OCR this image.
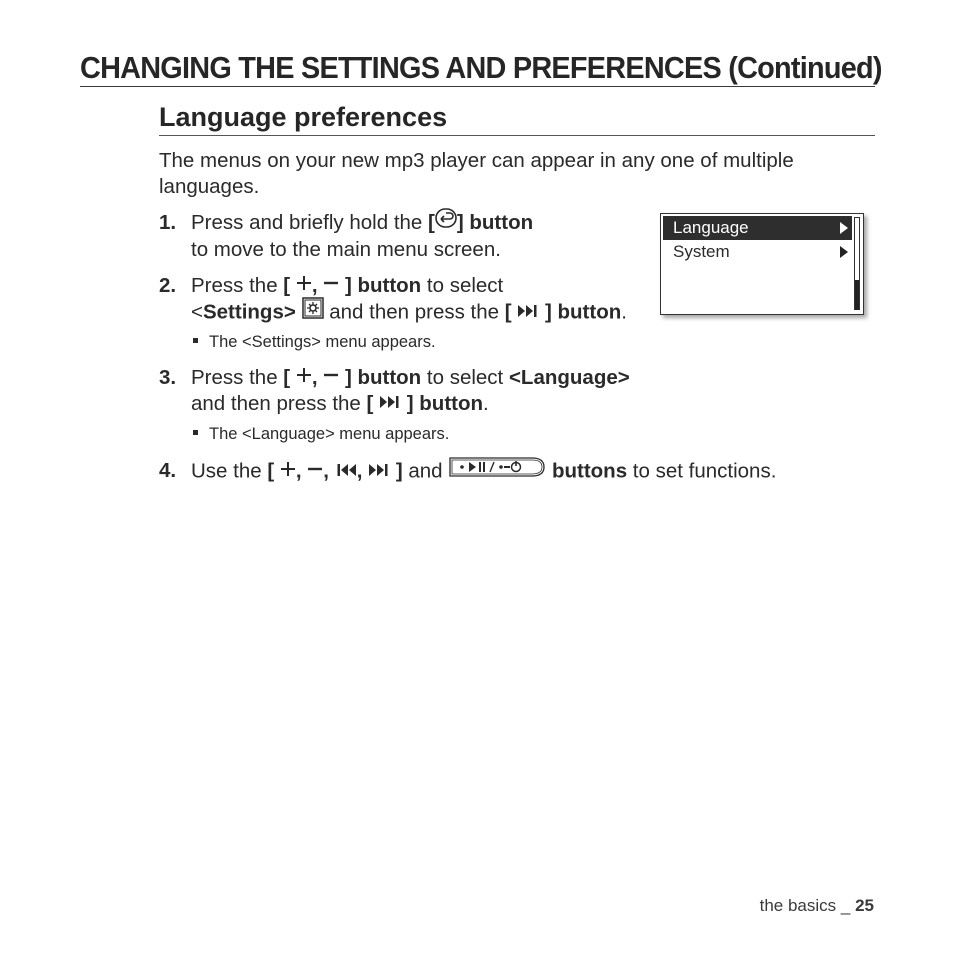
CHANGING THE SETTINGS AND PREFERENCES (Continued)
Language preferences

The menus on your new mp3 player can appear in any one of multiple languages.

1. Press and briefly hold the [ ] button
to move to the main menu screen.
2. Press the [ , ] button to select
<Settings>  and then press the [ ] button.
The <Settings> menu appears.
3. Press the [ , ] button to select <Language>
and then press the [ ] button.
The <Language> menu appears.
4. Use the [ , , , ] and	buttons to set functions.
Language
System
the basics _ 25
